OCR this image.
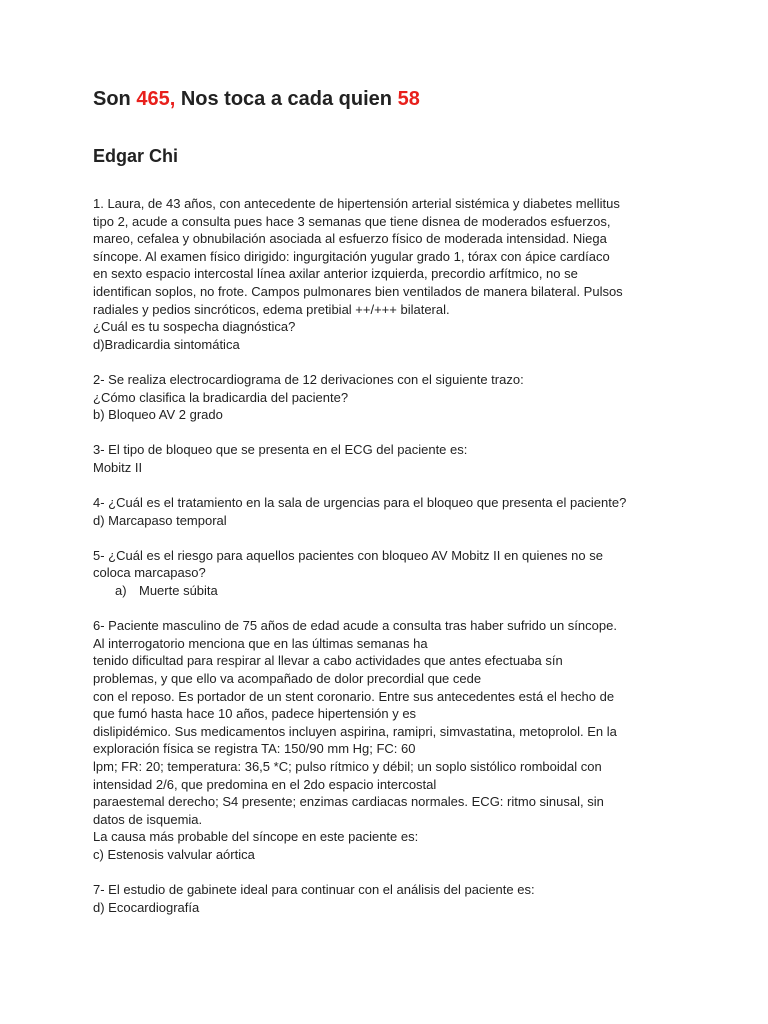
Son 465, Nos toca a cada quien 58
Edgar Chi
1. Laura, de 43 años, con antecedente de hipertensión arterial sistémica y diabetes mellitus
tipo 2, acude a consulta pues hace 3 semanas que tiene disnea de moderados esfuerzos,
mareo, cefalea y obnubilación asociada al esfuerzo físico de moderada intensidad. Niega
síncope. Al examen físico dirigido: ingurgitación yugular grado 1, tórax con ápice cardíaco
en sexto espacio intercostal línea axilar anterior izquierda, precordio arfítmico, no se
identifican soplos, no frote. Campos pulmonares bien ventilados de manera bilateral. Pulsos
radiales y pedios sincróticos, edema pretibial ++/+++ bilateral.
¿Cuál es tu sospecha diagnóstica?
d)Bradicardia sintomática
2- Se realiza electrocardiograma de 12 derivaciones con el siguiente trazo:
¿Cómo clasifica la bradicardia del paciente?
b) Bloqueo AV 2 grado
3- El tipo de bloqueo que se presenta en el ECG del paciente es:
Mobitz II
4- ¿Cuál es el tratamiento en la sala de urgencias para el bloqueo que presenta el paciente?
d) Marcapaso temporal
5- ¿Cuál es el riesgo para aquellos pacientes con bloqueo AV Mobitz II en quienes no se
coloca marcapaso?
a) Muerte súbita
6- Paciente masculino de 75 años de edad acude a consulta tras haber sufrido un síncope.
Al interrogatorio menciona que en las últimas semanas ha
tenido dificultad para respirar al llevar a cabo actividades que antes efectuaba sín
problemas, y que ello va acompañado de dolor precordial que cede
con el reposo. Es portador de un stent coronario. Entre sus antecedentes está el hecho de
que fumó hasta hace 10 años, padece hipertensión y es
dislipidémico. Sus medicamentos incluyen aspirina, ramipri, simvastatina, metoprolol. En la
exploración física se registra TA: 150/90 mm Hg; FC: 60
lpm; FR: 20; temperatura: 36,5 *C; pulso rítmico y débil; un soplo sistólico romboidal con
intensidad 2/6, que predomina en el 2do espacio intercostal
paraestemal derecho; S4 presente; enzimas cardiacas normales. ECG: ritmo sinusal, sin
datos de isquemia.
La causa más probable del síncope en este paciente es:
c) Estenosis valvular aórtica
7- El estudio de gabinete ideal para continuar con el análisis del paciente es:
d) Ecocardiografía
